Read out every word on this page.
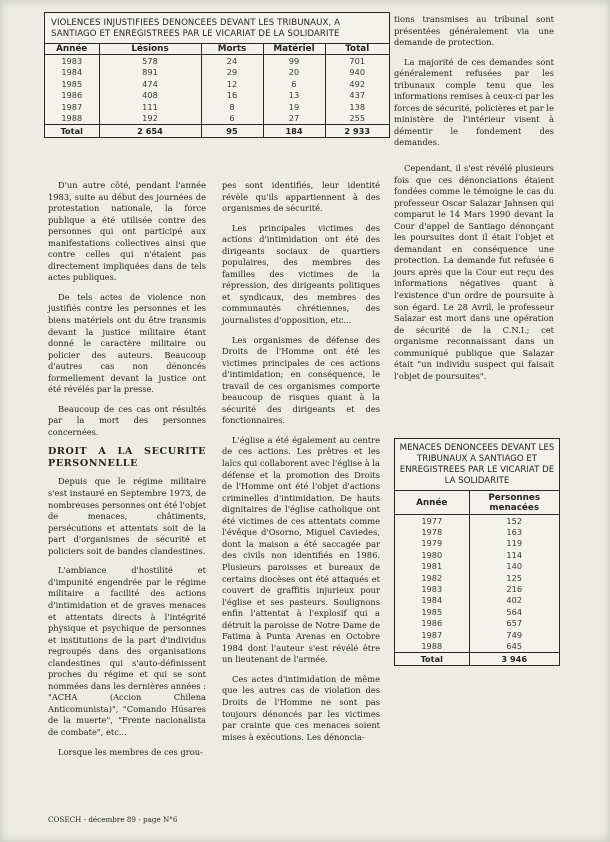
VIOLENCES INJUSTIFIEES DENONCEES DEVANT LES TRIBUNAUX, A SANTIAGO ET ENREGISTREES PAR LE VICARIAT DE LA SOLIDARITE
Année	Lésions	Morts	Matériel	Total
1983	578	24	99	701
1984	891	29	20	940
1985	474	12	6	492
1986	408	16	13	437
1987	111	8	19	138
1988	192	6	27	255
Total	2 654	95	184	2 933

D'un autre côté, pendant l'année 1983, suite au début des journées de protestation nationale, la force publique a été utilisée contre des personnes qui ont participé aux manifestations collectives ainsi que contre celles qui n'étaient pas directement impliquées dans de tels actes publiques.

De tels actes de violence non justifiés contre les personnes et les biens matériels ont du être transmis devant la justice militaire étant donné le caractère militaire ou policier des auteurs. Beaucoup d'autres cas non dénoncés formellement devant la justice ont été révélés par la presse.

Beaucoup de ces cas ont résultés par la mort des personnes concernées.

DROIT A LA SECURITE PERSONNELLE

Depuis que le régime militaire s'est instauré en Septembre 1973, de nombreuses personnes ont été l'objet de menaces, châtiments, persécutions et attentats soit de la part d'organismes de sécurité et policiers soit de bandes clandestines.

L'ambiance d'hostilité et d'impunité engendrée par le régime militaire a facilité des actions d'intimidation et de graves menaces et attentats directs à l'intégrité physique et psychique de personnes et institutions de la part d'individus regroupés dans des organisations clandestines qui s'auto-définissent proches du régime et qui se sont nommées dans les dernières années : "ACHA (Accion Chilena Anticomunista)", "Comando Húsares de la muerte", "Frente nacionalista de combate", etc...

Lorsque les membres de ces grou-

pes sont identifiés, leur identité révèle qu'ils appartiennent à des organismes de sécurité.

Les principales victimes des actions d'intimidation ont été des dirigeants sociaux de quartiers populaires, des membres des familles des victimes de la répression, des dirigeants politiques et syndicaux, des membres des communautés chrétiennes, des journalistes d'opposition, etc...

Les organismes de défense des Droits de l'Homme ont été les victimes principales de ces actions d'intimidation; en conséquence, le travail de ces organismes comporte beaucoup de risques quant à la sécurité des dirigeants et des fonctionnaires.

L'église a été également au centre de ces actions. Les prêtres et les laïcs qui collaborent avec l'église à la défense et la promotion des Droits de l'Homme ont été l'objet d'actions criminelles d'intimidation. De hauts dignitaires de l'église catholique ont été victimes de ces attentats comme l'évêque d'Osorno, Miguel Caviedes, dont la maison a été saccagée par des civils non identifiés en 1986. Plusieurs paroisses et bureaux de certains diocèses ont été attaqués et couvert de graffitis injurieux pour l'église et ses pasteurs. Soulignons enfin l'attentat à l'explosif qui a détruit la paroisse de Notre Dame de Fatima à Punta Arenas en Octobre 1984 dont l'auteur s'est révélé être un lieutenant de l'armée.

Ces actes d'intimidation de même que les autres cas de violation des Droits de l'Homme ne sont pas toujours dénoncés par les victimes par crainte que ces menaces soient mises à exécutions. Les dénoncia-

tions transmises au tribunal sont présentées généralement via une demande de protection.

La majorité de ces demandes sont généralement refusées par les tribunaux comple tenu que les informations remises à ceux-ci par les forces de sécurité, policières et par le ministère de l'intérieur visent à démentir le fondement des demandes.

Cependant, il s'est révélé plusieurs fois que ces dénonciations étaient fondées comme le témoigne le cas du professeur Oscar Salazar Jahnsen qui comparut le 14 Mars 1990 devant la Cour d'appel de Santiago dénonçant les poursuites dont il était l'objet et demandant en conséquence une protection. La demande fut refusée 6 jours après que la Cour eut reçu des informations négatives quant à l'existence d'un ordre de poursuite à son égard. Le 28 Avril, le professeur Salazar est mort dans une opération de sécurité de la C.N.I.; cet organisme reconnaissant dans un communiqué publique que Salazar était "un individu suspect qui faisait l'objet de poursuites".

MENACES DENONCEES DEVANT LES TRIBUNAUX A SANTIAGO ET ENREGISTREES PAR LE VICARIAT DE LA SOLIDARITE
Année	Personnes menacées
1977	152
1978	163
1979	119
1980	114
1981	140
1982	125
1983	216
1984	402
1985	564
1986	657
1987	749
1988	645
Total	3 946
COSECH - décembre 89 - page N°6
